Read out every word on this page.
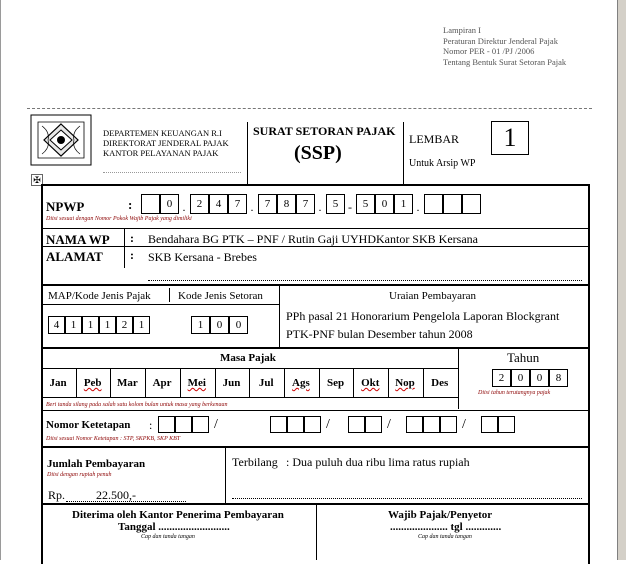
Lampiran I
Peraturan Direktur Jenderal Pajak
Nomor PER - 01 /PJ /2006
Tentang Bentuk Surat Setoran Pajak
DEPARTEMEN KEUANGAN R.I
DIREKTORAT JENDERAL PAJAK
KANTOR PELAYANAN PAJAK
SURAT SETORAN PAJAK
(SSP)
LEMBAR	1
Untuk Arsip WP
✠
NPWP	:	0 .	2	4	7 .	7	8	7 .	5 - 5	0	1 .
Diisi sesuai dengan Nomor Pokok Wajib Pajak yang dimiliki
NAMA WP : Bendahara BG PTK – PNF / Rutin Gaji UYHDKantor SKB Kersana
ALAMAT : SKB Kersana - Brebes
MAP/Kode Jenis Pajak Kode Jenis Setoran
4	1	1	1	2	1	1	0	0
Uraian Pembayaran
PPh pasal 21 Honorarium Pengelola Laporan Blockgrant
PTK-PNF bulan Desember tahun 2008
Masa Pajak	Tahun
Jan	Peb	Mar	Apr	Mei	Jun	Jul	Ags	Sep	Okt	Nop	Des
Beri tanda silang pada salah satu kolom bulan untuk masa yang berkenaan
2	0	0	8
Diisi tahun terutangnya pajak
Nomor Ketetapan :	/	/	/	/
Diisi sesuai Nomor Ketetapan : STP, SKPKB, SKP KBT
Jumlah Pembayaran
Diisi dengan rupiah penuh
Rp.	22.500,-
Terbilang : Dua puluh dua ribu lima ratus rupiah
Diterima oleh Kantor Penerima Pembayaran
Tanggal ..........................
Cap dan tanda tangan
Wajib Pajak/Penyetor
..................... tgl .............
Cap dan tanda tangan
